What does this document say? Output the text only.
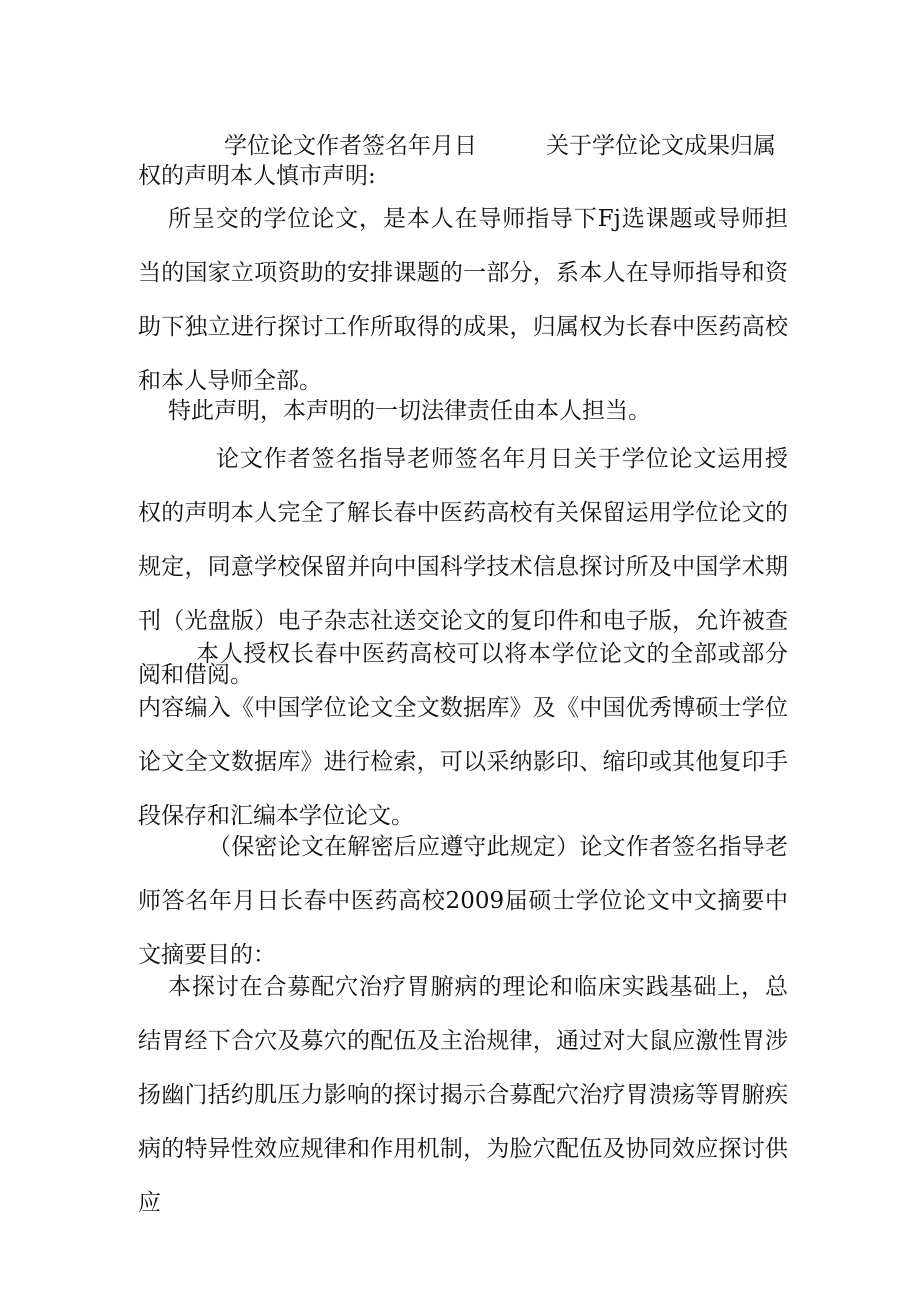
学位论文作者签名年月日	关于学位论文成果归属
权的声明本人慎市声明:

所呈交的学位论文，是本人在导师指导下Fj选课题或导师担当的国家立项资助的安排课题的一部分，系本人在导师指导和资助下独立进行探讨工作所取得的成果，归属权为长春中医药高校和本人导师全部。

特此声明，本声明的一切法律责任由本人担当。

论文作者签名指导老师签名年月日关于学位论文运用授权的声明本人完全了解长春中医药高校有关保留运用学位论文的规定，同意学校保留并向中国科学技术信息探讨所及中国学术期刊（光盘版）电子杂志社送交论文的复印件和电子版，允许被查阅和借阅。

本人授权长春中医药高校可以将本学位论文的全部或部分内容编入《中国学位论文全文数据库》及《中国优秀博硕士学位论文全文数据库》进行检索，可以采纳影印、缩印或其他复印手段保存和汇编本学位论文。

（保密论文在解密后应遵守此规定）论文作者签名指导老师答名年月日长春中医药高校2009届硕士学位论文中文摘要中文摘要目的：

本探讨在合募配穴治疗胃腑病的理论和临床实践基础上，总结胃经下合穴及募穴的配伍及主治规律，通过对大鼠应激性胃涉扬幽门括约肌压力影响的探讨揭示合募配穴治疗胃溃疡等胃腑疾病的特异性效应规律和作用机制，为脸穴配伍及协同效应探讨供应
